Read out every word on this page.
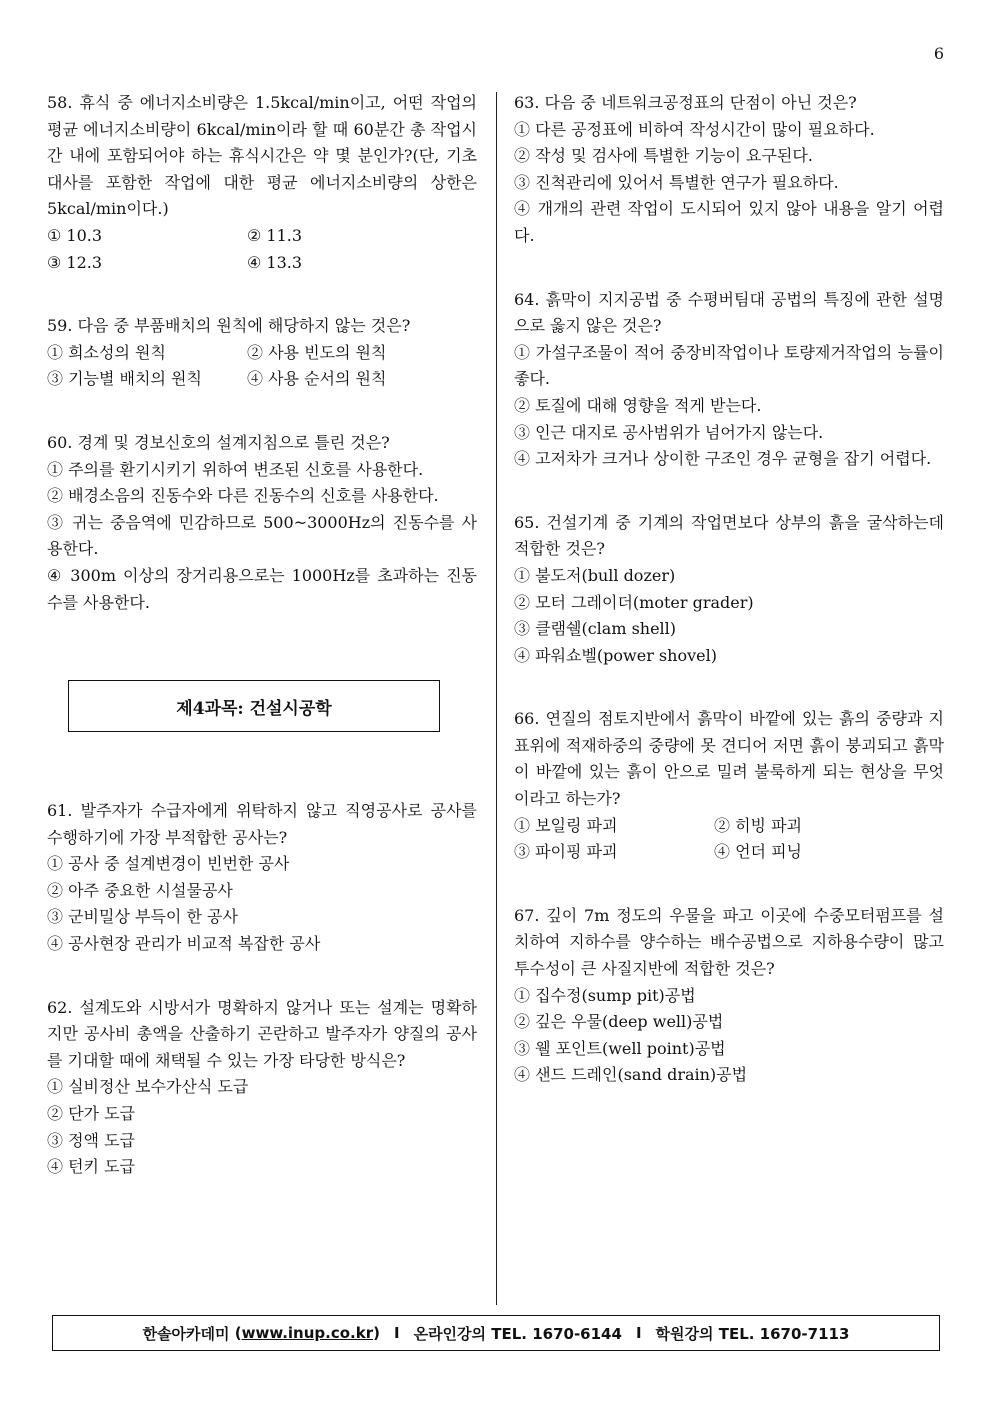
6

58. 휴식 중 에너지소비량은 1.5kcal/min이고, 어떤 작업의 평균 에너지소비량이 6kcal/min이라 할 때 60분간 총 작업시간 내에 포함되어야 하는 휴식시간은 약 몇 분인가?(단, 기초대사를 포함한 작업에 대한 평균 에너지소비량의 상한은 5kcal/min이다.)

① 10.3	② 11.3
③ 12.3	④ 13.3

59. 다음 중 부품배치의 원칙에 해당하지 않는 것은?

① 희소성의 원칙	② 사용 빈도의 원칙
③ 기능별 배치의 원칙	④ 사용 순서의 원칙

60. 경계 및 경보신호의 설계지침으로 틀린 것은?

① 주의를 환기시키기 위하여 변조된 신호를 사용한다.

② 배경소음의 진동수와 다른 진동수의 신호를 사용한다.

③ 귀는 중음역에 민감하므로 500~3000Hz의 진동수를 사용한다.

④ 300m 이상의 장거리용으로는 1000Hz를 초과하는 진동수를 사용한다.

제4과목: 건설시공학

61. 발주자가 수급자에게 위탁하지 않고 직영공사로 공사를 수행하기에 가장 부적합한 공사는?

① 공사 중 설계변경이 빈번한 공사

② 아주 중요한 시설물공사

③ 군비밀상 부득이 한 공사

④ 공사현장 관리가 비교적 복잡한 공사

62. 설계도와 시방서가 명확하지 않거나 또는 설계는 명확하지만 공사비 총액을 산출하기 곤란하고 발주자가 양질의 공사를 기대할 때에 채택될 수 있는 가장 타당한 방식은?

① 실비정산 보수가산식 도급

② 단가 도급

③ 정액 도급

④ 턴키 도급

63. 다음 중 네트워크공정표의 단점이 아닌 것은?

① 다른 공정표에 비하여 작성시간이 많이 필요하다.

② 작성 및 검사에 특별한 기능이 요구된다.

③ 진척관리에 있어서 특별한 연구가 필요하다.

④ 개개의 관련 작업이 도시되어 있지 않아 내용을 알기 어렵다.

64. 흙막이 지지공법 중 수평버팀대 공법의 특징에 관한 설명으로 옳지 않은 것은?

① 가설구조물이 적어 중장비작업이나 토량제거작업의 능률이 좋다.

② 토질에 대해 영향을 적게 받는다.

③ 인근 대지로 공사범위가 넘어가지 않는다.

④ 고저차가 크거나 상이한 구조인 경우 균형을 잡기 어렵다.

65. 건설기계 중 기계의 작업면보다 상부의 흙을 굴삭하는데 적합한 것은?

① 불도저(bull dozer)

② 모터 그레이더(moter grader)

③ 클램쉘(clam shell)

④ 파워쇼벨(power shovel)

66. 연질의 점토지반에서 흙막이 바깥에 있는 흙의 중량과 지표위에 적재하중의 중량에 못 견디어 저면 흙이 붕괴되고 흙막이 바깥에 있는 흙이 안으로 밀려 불룩하게 되는 현상을 무엇이라고 하는가?

① 보일링 파괴	② 히빙 파괴
③ 파이핑 파괴	④ 언더 피닝

67. 깊이 7m 정도의 우물을 파고 이곳에 수중모터펌프를 설치하여 지하수를 양수하는 배수공법으로 지하용수량이 많고 투수성이 큰 사질지반에 적합한 것은?

① 집수정(sump pit)공법

② 깊은 우물(deep well)공법

③ 웰 포인트(well point)공법

④ 샌드 드레인(sand drain)공법

한솔아카데미 ( www.inup.co.kr ) I 온라인강의 TEL. 1670-6144 I 학원강의 TEL. 1670-7113
